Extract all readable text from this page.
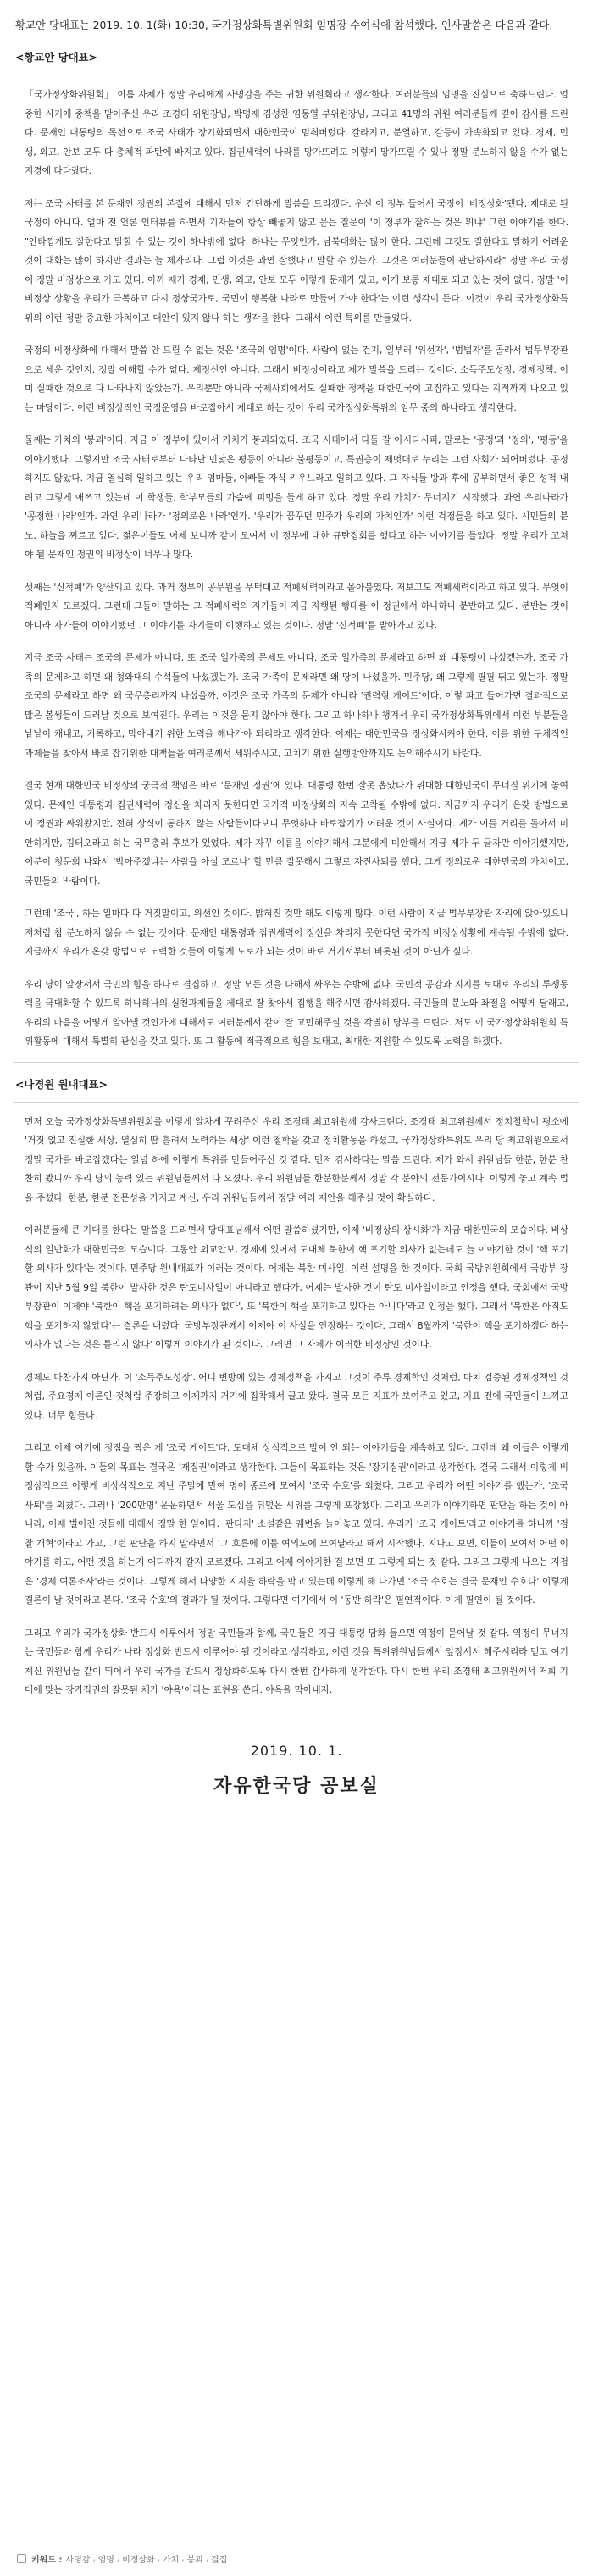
황교안 당대표는 2019. 10. 1(화) 10:30, 국가정상화특별위원회 임명장 수여식에 참석했다. 인사말씀은 다음과 같다.

<황교안 당대표>

「국가정상화위원회」 이름 자체가 정말 우리에게 사명감을 주는 귀한 위원회라고 생각한다. 여러분들의 임명을 진심으로 축하드린다. 엄중한 시기에 중책을 맡아주신 우리 조경태 위원장님, 박명재 김성찬 염동열 부위원장님, 그리고 41명의 위원 여러분들께 깊이 감사를 드린다. 문재인 대통령의 독선으로 조국 사태가 장기화되면서 대한민국이 멈춰버렸다. 갈라지고, 분열하고, 갈등이 가속화되고 있다. 경제, 민생, 외교, 안보 모두 다 총체적 파탄에 빠지고 있다. 집권세력이 나라를 망가뜨려도 이렇게 망가뜨릴 수 있나 정말 분노하지 않을 수가 없는 지경에 다다랐다.

저는 조국 사태를 본 문재인 정권의 본질에 대해서 먼저 간단하게 말씀을 드리겠다. 우선 이 정부 들어서 국정이 '비정상화'됐다. 제대로 된 국정이 아니다. 얼마 전 언론 인터뷰를 하면서 기자들이 항상 빼놓지 않고 묻는 질문이 '이 정부가 잘하는 것은 뭐냐' 그런 이야기를 한다. "안타깝게도 잘한다고 말할 수 있는 것이 하나밖에 없다. 하나는 무엇인가. 남북대화는 많이 한다. 그런데 그것도 잘한다고 말하기 어려운 것이 대화는 많이 하지만 결과는 늘 제자리다. 그럼 이것을 과연 잘했다고 말할 수 있는가. 그것은 여러분들이 판단하시라" 정말 우리 국정이 정말 비정상으로 가고 있다. 아까 제가 경제, 민생, 외교, 안보 모두 이렇게 문제가 있고, 이게 보통 제대로 되고 있는 것이 없다. 정말 '이 비정상 상황을 우리가 극복하고 다시 정상국가로, 국민이 행복한 나라로 만들어 가야 한다'는 이런 생각이 든다. 이것이 우리 국가정상화특위의 이런 정말 중요한 가치이고 대안이 있지 않나 하는 생각을 한다. 그래서 이런 특위를 만들었다.

국정의 비정상화에 대해서 말씀 안 드릴 수 없는 것은 '조국의 임명'이다. 사람이 없는 건지, 일부러 '위선자', '범법자'를 골라서 법무부장관으로 세운 것인지. 정말 이해할 수가 없다. 제정신인 아니다. 그래서 비정상이라고 제가 말씀을 드리는 것이다. 소득주도성장, 경제정책. 이미 실패한 것으로 다 나타나지 않았는가. 우리뿐만 아니라 국제사회에서도 실패한 정책을 대한민국이 고집하고 있다는 지적까지 나오고 있는 마당이다. 이런 비정상적인 국정운영을 바로잡아서 제대로 하는 것이 우리 국가정상화특위의 임무 중의 하나라고 생각한다.

둘째는 가치의 '붕괴'이다. 지금 이 정부에 있어서 가치가 붕괴되었다. 조국 사태에서 다들 잘 아시다시피, 말로는 '공정'과 '정의', '평등'을 이야기했다. 그렇지만 조국 사태로부터 나타난 민낯은 평등이 아니라 불평등이고, 특권층이 제멋대로 누리는 그런 사회가 되어버렸다. 공정하지도 않았다. 지금 열심히 일하고 있는 우리 엄마들, 아빠들 자식 키우느라고 일하고 있다. 그 자식들 방과 후에 공부하면서 좋은 성적 내려고 그렇게 애쓰고 있는데 이 학생들, 학부모들의 가슴에 피멍을 들게 하고 있다. 정말 우리 가치가 무너지기 시작했다. 과연 우리나라가 '공정한 나라'인가. 과연 우리나라가 '정의로운 나라'인가. '우리가 꿈꾸던 민주가 우리의 가치인가' 이런 걱정들을 하고 있다. 시민들의 분노, 하늘을 찌르고 있다. 젊은이들도 어제 보니까 같이 모여서 이 정부에 대한 규탄집회를 했다고 하는 이야기를 들었다. 정말 우리가 고쳐야 될 문재인 정권의 비정상이 너무나 많다.

셋째는 '신적폐'가 양산되고 있다. 과거 정부의 공무원을 무턱대고 적폐세력이라고 몰아붙였다. 저보고도 적폐세력이라고 하고 있다. 무엇이 적폐인지 모르겠다. 그런데 그들이 말하는 그 적폐세력의 자가들이 지금 자행된 행태를 이 정권에서 하나하나 분반하고 있다. 분반는 것이 아니라 자가들이 이야기했던 그 이야기를 자기들이 이행하고 있는 것이다. 정말 '신적폐'를 발아가고 있다.

지금 조국 사태는 조국의 문제가 아니다. 또 조국 일가족의 문제도 아니다. 조국 일가족의 문제라고 하면 왜 대통령이 나섰겠는가. 조국 가족의 문제라고 하면 왜 청와대의 수석들이 나섰겠는가. 조국 가족이 문제라면 왜 당이 나섰을까. 민주당, 왜 그렇게 필필 뛰고 있는가. 정말 조국의 문제라고 하면 왜 국무총리까지 나섰을까. 이것은 조국 가족의 문제가 아니라 '권력형 게이트'이다. 이렇 파고 들어가면 결과적으로 많은 볼썽들이 드러날 것으로 보여진다. 우리는 이것을 묻지 않아야 한다. 그리고 하나하나 챙겨서 우리 국가정상화특위에서 이런 부분들을 낱낱이 캐내고, 기록하고, 막아내기 위한 노력을 해나가야 되리라고 생각한다. 이제는 대한민국을 정상화시켜야 한다. 이를 위한 구체적인 과제들을 찾아서 바로 잡기위한 대책들을 여러분께서 세워주시고, 고치기 위한 실행방안까지도 논의해주시기 바란다.

결국 현재 대한민국 비정상의 궁극적 책임은 바로 '문재인 정권'에 있다. 대통령 한번 잘못 뽑았다가 위대한 대한민국이 무너질 위기에 놓여있다. 문재인 대통령과 집권세력이 정신을 차리지 못한다면 국가적 비정상화의 지속 고착될 수밖에 없다. 지금까지 우리가 온갖 방법으로 이 정권과 싸워왔지만, 전혀 상식이 통하지 않는 사람들이다보니 무엇하나 바로잡기가 어려운 것이 사실이다. 제가 이틀 거리를 돌아서 미안하지만, 김태오라고 하는 국무총리 후보가 있었다. 제가 자꾸 이름을 이야기해서 그분에게 미안해서 지금 제가 두 글자만 이야기했지만, 이분이 청문회 나와서 '박아주겠냐는 사람을 아실 모르나' 할 만큼 잘못해서 그렇로 자진사퇴를 했다. 그게 정의로운 대한민국의 가치이고, 국민들의 바람이다.

그런데 '조국', 하는 일마다 다 거짓말이고, 위선인 것이다. 밝혀진 것만 해도 이렇게 많다. 이런 사람이 지금 법무부장관 자리에 앉아있으니 저처럼 참 분노하지 않을 수 없는 것이다. 문재인 대통령과 집권세력이 정신을 차리지 못한다면 국가적 비정상상황에 계속될 수밖에 없다. 지금까지 우리가 온갖 방법으로 노력한 것들이 이렇게 도로가 되는 것이 바로 거기서부터 비롯된 것이 아닌가 싶다.

우리 당이 앞장서서 국민의 힘을 하나로 결집하고, 정말 모든 것을 다해서 싸우는 수밖에 없다. 국민적 공감과 지지를 토대로 우리의 투쟁동력을 극대화할 수 있도록 하나하나의 실천과제들을 제대로 잘 찾아서 집행을 해주시면 감사하겠다. 국민들의 분노와 좌절을 어떻게 달래고, 우리의 마음을 어떻게 알아낼 것인가에 대해서도 여러분께서 같이 잘 고민해주실 것을 각별히 당부를 드린다. 저도 이 국가정상화위원회 특위활동에 대해서 특별히 관심을 갖고 있다. 또 그 활동에 적극적으로 힘을 보태고, 최대한 지원할 수 있도록 노력을 하겠다.

<나경원 원내대표>

먼저 오늘 국가정상화특별위원회를 이렇게 알차게 꾸려주신 우리 조경태 최고위원께 감사드린다. 조경태 최고위원께서 정치철학이 평소에 '거짓 없고 진실한 세상, 열심히 땀 흘려서 노력하는 세상' 이런 철학을 갖고 정치활동을 하셨고, 국가정상화특위도 우리 당 최고위원으로서 정말 국가를 바로잡겠다는 일념 하에 이렇게 특위를 만들어주신 것 같다. 먼저 감사하다는 말씀 드린다. 제가 와서 위원님들 한분, 한분 찬찬히 봤니까 우리 당의 능력 있는 위원님들께서 다 오셨다. 우리 위원님들 한분한분께서 정말 각 분야의 전문가이시다. 이렇게 놓고 계속 법을 주셨다. 한분, 한분 전문성을 가지고 계신, 우리 위원님들께서 정말 여러 제안을 해주실 것이 확실하다.

여러분들께 큰 기대를 한다는 말씀을 드리면서 당대표님께서 어떤 말씀하셨지만, 이제 '비정상의 상시화'가 지금 대한민국의 모습이다. 비상식의 일반화가 대한민국의 모습이다. 그동안 외교안보, 경제에 있어서 도대체 북한이 핵 포기할 의사가 없는데도 늘 이야기한 것이 '핵 포기할 의사가 있다'는 것이다. 민주당 원내대표가 이러는 것이다. 어제는 북한 미사일, 이런 설명을 한 것이다. 국회 국방위원회에서 국방부 장관이 지난 5월 9일 북한이 발사한 것은 탄도미사일이 아니라고 했다가, 어제는 발사한 것이 탄도 미사일이라고 인정을 했다. 국회에서 국방부장관이 이제야 '북한이 핵을 포기하려는 의사가 없다', 또 '북한이 핵을 포기하고 있다는 아니다'라고 인정을 했다. 그래서 '북한은 아직도 핵을 포기하지 않았다'는 결론을 내렸다. 국방부장관께서 이제야 이 사실을 인정하는 것이다. 그래서 8월까지 '북한이 핵을 포기하겠다 하는 의사가 없다는 것은 틀리지 않다' 이렇게 이야기가 된 것이다. 그러면 그 자체가 이러한 비정상인 것이다.

경제도 마찬가지 아닌가. 이 '소득주도성장'. 어디 변방에 있는 경제정책을 가지고 그것이 주류 경제학인 것처럼, 마치 검증된 경제정책인 것처럼, 주요경제 이론인 것처럼 주장하고 이제까지 거기에 집착해서 끌고 왔다. 결국 모든 지표가 보여주고 있고, 지표 전에 국민들이 느끼고 있다. 너무 힘들다.

그리고 이제 여기에 정점을 찍은 게 '조국 게이트'다. 도대체 상식적으로 말이 안 되는 이야기들을 계속하고 있다. 그런데 왜 이들은 이렇게 할 수가 있을까. 이들의 목표는 결국은 '재집권'이라고 생각한다. 그들이 목표하는 것은 '장기집권'이라고 생각한다. 결국 그래서 이렇게 비정상적으로 이렇게 비상식적으로 지난 주말에 만여 명이 종로에 모여서 '조국 수호'를 외쳤다. 그리고 우리가 어떤 이야기를 했는가. '조국 사퇴'를 외쳤다. 그러나 '200만명' 운운하면서 서울 도심을 뒤덮은 시위를 그렇게 포장했다. 그리고 우리가 이야기하면 판단을 하는 것이 아니라, 어제 벌어진 것들에 대해서 정말 한 일이다. '판타지' 소설같은 궤변을 늘어놓고 있다. 우리가 '조국 게이트'라고 이야기를 하니까 '검찰 개혁'이라고 가고, 그런 판단을 하지 말라면서 '그 흐름에 이를 여의도에 모여달라고 해서 시작했다. 지나고 보면, 이들이 모여서 어떤 이야기를 하고, 어떤 것을 하는지 어디까지 갈지 모르겠다. 그리고 어제 이야기한 걸 보면 또 그렇게 되는 것 같다. 그리고 그렇게 나오는 지점은 '경제 여론조사'라는 것이다. 그렇게 해서 다양한 지지율 하락을 막고 있는데 이렇게 해 나가면 '조국 수호는 결국 문재인 수호다' 이렇게 결론이 날 것이라고 본다. '조국 수호'의 결과가 될 것이다. 그렇다면 여기에서 이 '동반 하락'은 필연적이다. 이게 필연이 될 것이다.

그리고 우리가 국가정상화 반드시 이루어서 정말 국민들과 함께, 국민들은 지금 대통령 담화 들으면 역정이 묻어날 것 같다. 역정이 무너지는 국민들과 함께 우리가 나라 정상화 반드시 이루어야 될 것이라고 생각하고, 이런 것을 특위위원님들께서 앞장서서 해주시리라 믿고 여기 계신 위원님들 같이 뛰어서 우리 국가를 반드시 정상화하도록 다시 한번 감사하게 생각한다. 다시 한번 우리 조경태 최고위원께서 저희 기대에 맞는 장기집권의 잘못된 체가 '야욕'이라는 표현을 쓴다. 야욕을 막아내자.

2019. 10. 1.
자유한국당 공보실
키워드 : 사명감 , 임명 , 비정상화 , 가치 , 붕괴 , 결집
